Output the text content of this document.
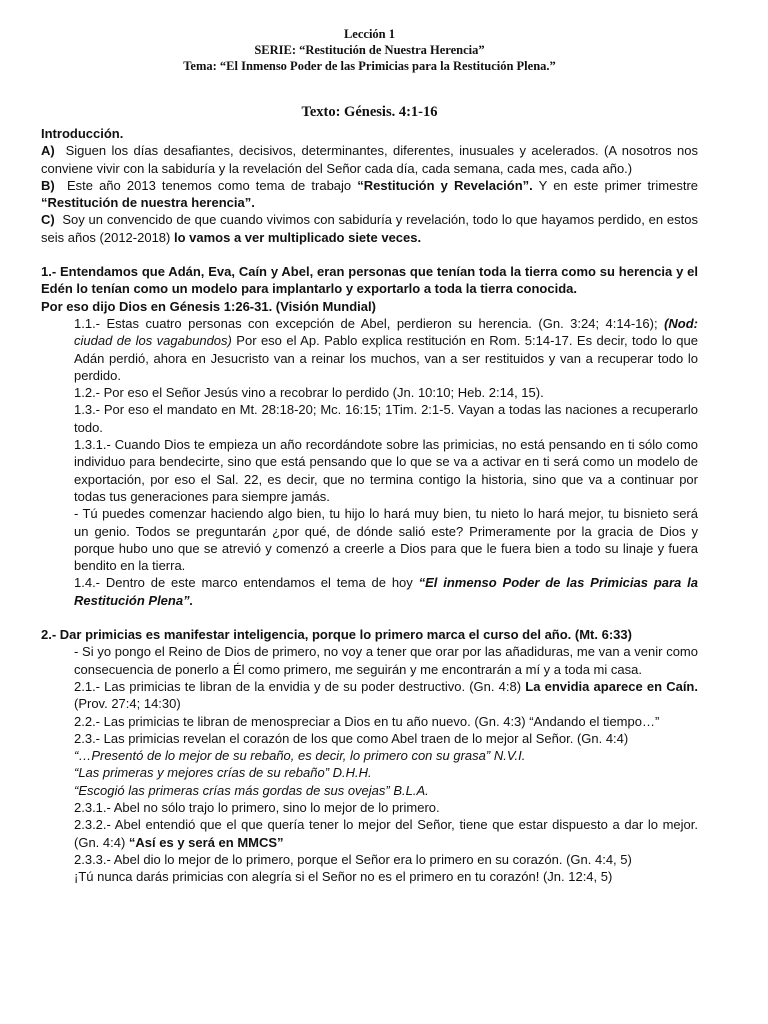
Lección 1
SERIE: “Restitución de Nuestra Herencia”
Tema: “El Inmenso Poder de las Primicias para la Restitución Plena.”
Texto: Génesis. 4:1-16

Introducción.

A) Siguen los días desafiantes, decisivos, determinantes, diferentes, inusuales y acelerados. (A nosotros nos conviene vivir con la sabiduría y la revelación del Señor cada día, cada semana, cada mes, cada año.)

B) Este año 2013 tenemos como tema de trabajo “Restitución y Revelación”. Y en este primer trimestre “Restitución de nuestra herencia”.

C) Soy un convencido de que cuando vivimos con sabiduría y revelación, todo lo que hayamos perdido, en estos seis años (2012-2018) lo vamos a ver multiplicado siete veces.

1.- Entendamos que Adán, Eva, Caín y Abel, eran personas que tenían toda la tierra como su herencia y el Edén lo tenían como un modelo para implantarlo y exportarlo a toda la tierra conocida.

Por eso dijo Dios en Génesis 1:26-31. (Visión Mundial)

1.1.- Estas cuatro personas con excepción de Abel, perdieron su herencia. (Gn. 3:24; 4:14-16); (Nod: ciudad de los vagabundos) Por eso el Ap. Pablo explica restitución en Rom. 5:14-17. Es decir, todo lo que Adán perdió, ahora en Jesucristo van a reinar los muchos, van a ser restituidos y van a recuperar todo lo perdido.

1.2.- Por eso el Señor Jesús vino a recobrar lo perdido (Jn. 10:10; Heb. 2:14, 15).

1.3.- Por eso el mandato en Mt. 28:18-20; Mc. 16:15; 1Tim. 2:1-5. Vayan a todas las naciones a recuperarlo todo.

1.3.1.- Cuando Dios te empieza un año recordándote sobre las primicias, no está pensando en ti sólo como individuo para bendecirte, sino que está pensando que lo que se va a activar en ti será como un modelo de exportación, por eso el Sal. 22, es decir, que no termina contigo la historia, sino que va a continuar por todas tus generaciones para siempre jamás.

- Tú puedes comenzar haciendo algo bien, tu hijo lo hará muy bien, tu nieto lo hará mejor, tu bisnieto será un genio. Todos se preguntarán ¿por qué, de dónde salió este? Primeramente por la gracia de Dios y porque hubo uno que se atrevió y comenzó a creerle a Dios para que le fuera bien a todo su linaje y fuera bendito en la tierra.

1.4.- Dentro de este marco entendamos el tema de hoy “El inmenso Poder de las Primicias para la Restitución Plena”.

2.- Dar primicias es manifestar inteligencia, porque lo primero marca el curso del año. (Mt. 6:33)

- Si yo pongo el Reino de Dios de primero, no voy a tener que orar por las añadiduras, me van a venir como consecuencia de ponerlo a Él como primero, me seguirán y me encontrarán a mí y a toda mi casa.

2.1.- Las primicias te libran de la envidia y de su poder destructivo. (Gn. 4:8) La envidia aparece en Caín. (Prov. 27:4; 14:30)

2.2.- Las primicias te libran de menospreciar a Dios en tu año nuevo. (Gn. 4:3) “Andando el tiempo…”

2.3.- Las primicias revelan el corazón de los que como Abel traen de lo mejor al Señor. (Gn. 4:4)

“…Presentó de lo mejor de su rebaño, es decir, lo primero con su grasa” N.V.I.

“Las primeras y mejores crías de su rebaño” D.H.H.

“Escogió las primeras crías más gordas de sus ovejas” B.L.A.

2.3.1.- Abel no sólo trajo lo primero, sino lo mejor de lo primero.

2.3.2.- Abel entendió que el que quería tener lo mejor del Señor, tiene que estar dispuesto a dar lo mejor. (Gn. 4:4) “Así es y será en MMCS”

2.3.3.- Abel dio lo mejor de lo primero, porque el Señor era lo primero en su corazón. (Gn. 4:4, 5)

¡Tú nunca darás primicias con alegría si el Señor no es el primero en tu corazón! (Jn. 12:4, 5)
